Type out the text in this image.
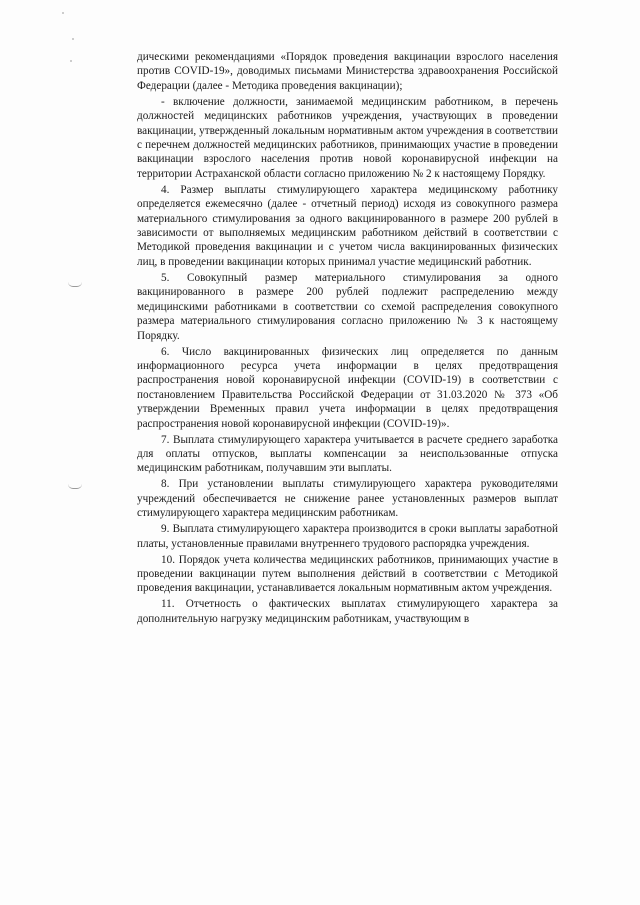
дическими рекомендациями «Порядок проведения вакцинации взрослого населения против COVID-19», доводимых письмами Министерства здравоохранения Российской Федерации (далее - Методика проведения вакцинации);

- включение должности, занимаемой медицинским работником, в перечень должностей медицинских работников учреждения, участвующих в проведении вакцинации, утвержденный локальным нормативным актом учреждения в соответствии с перечнем должностей медицинских работников, принимающих участие в проведении вакцинации взрослого населения против новой коронавирусной инфекции на территории Астраханской области согласно приложению № 2 к настоящему Порядку.

4. Размер выплаты стимулирующего характера медицинскому работнику определяется ежемесячно (далее - отчетный период) исходя из совокупного размера материального стимулирования за одного вакцинированного в размере 200 рублей в зависимости от выполняемых медицинским работником действий в соответствии с Методикой проведения вакцинации и с учетом числа вакцинированных физических лиц, в проведении вакцинации которых принимал участие медицинский работник.

5. Совокупный размер материального стимулирования за одного вакцинированного в размере 200 рублей подлежит распределению между медицинскими работниками в соответствии со схемой распределения совокупного размера материального стимулирования согласно приложению № 3 к настоящему Порядку.

6. Число вакцинированных физических лиц определяется по данным информационного ресурса учета информации в целях предотвращения распространения новой коронавирусной инфекции (COVID-19) в соответствии с постановлением Правительства Российской Федерации от 31.03.2020 № 373 «Об утверждении Временных правил учета информации в целях предотвращения распространения новой коронавирусной инфекции (COVID-19)».

7. Выплата стимулирующего характера учитывается в расчете среднего заработка для оплаты отпусков, выплаты компенсации за неиспользованные отпуска медицинским работникам, получавшим эти выплаты.

8. При установлении выплаты стимулирующего характера руководителями учреждений обеспечивается не снижение ранее установленных размеров выплат стимулирующего характера медицинским работникам.

9. Выплата стимулирующего характера производится в сроки выплаты заработной платы, установленные правилами внутреннего трудового распорядка учреждения.

10. Порядок учета количества медицинских работников, принимающих участие в проведении вакцинации путем выполнения действий в соответствии с Методикой проведения вакцинации, устанавливается локальным нормативным актом учреждения.

11. Отчетность о фактических выплатах стимулирующего характера за дополнительную нагрузку медицинским работникам, участвующим в
